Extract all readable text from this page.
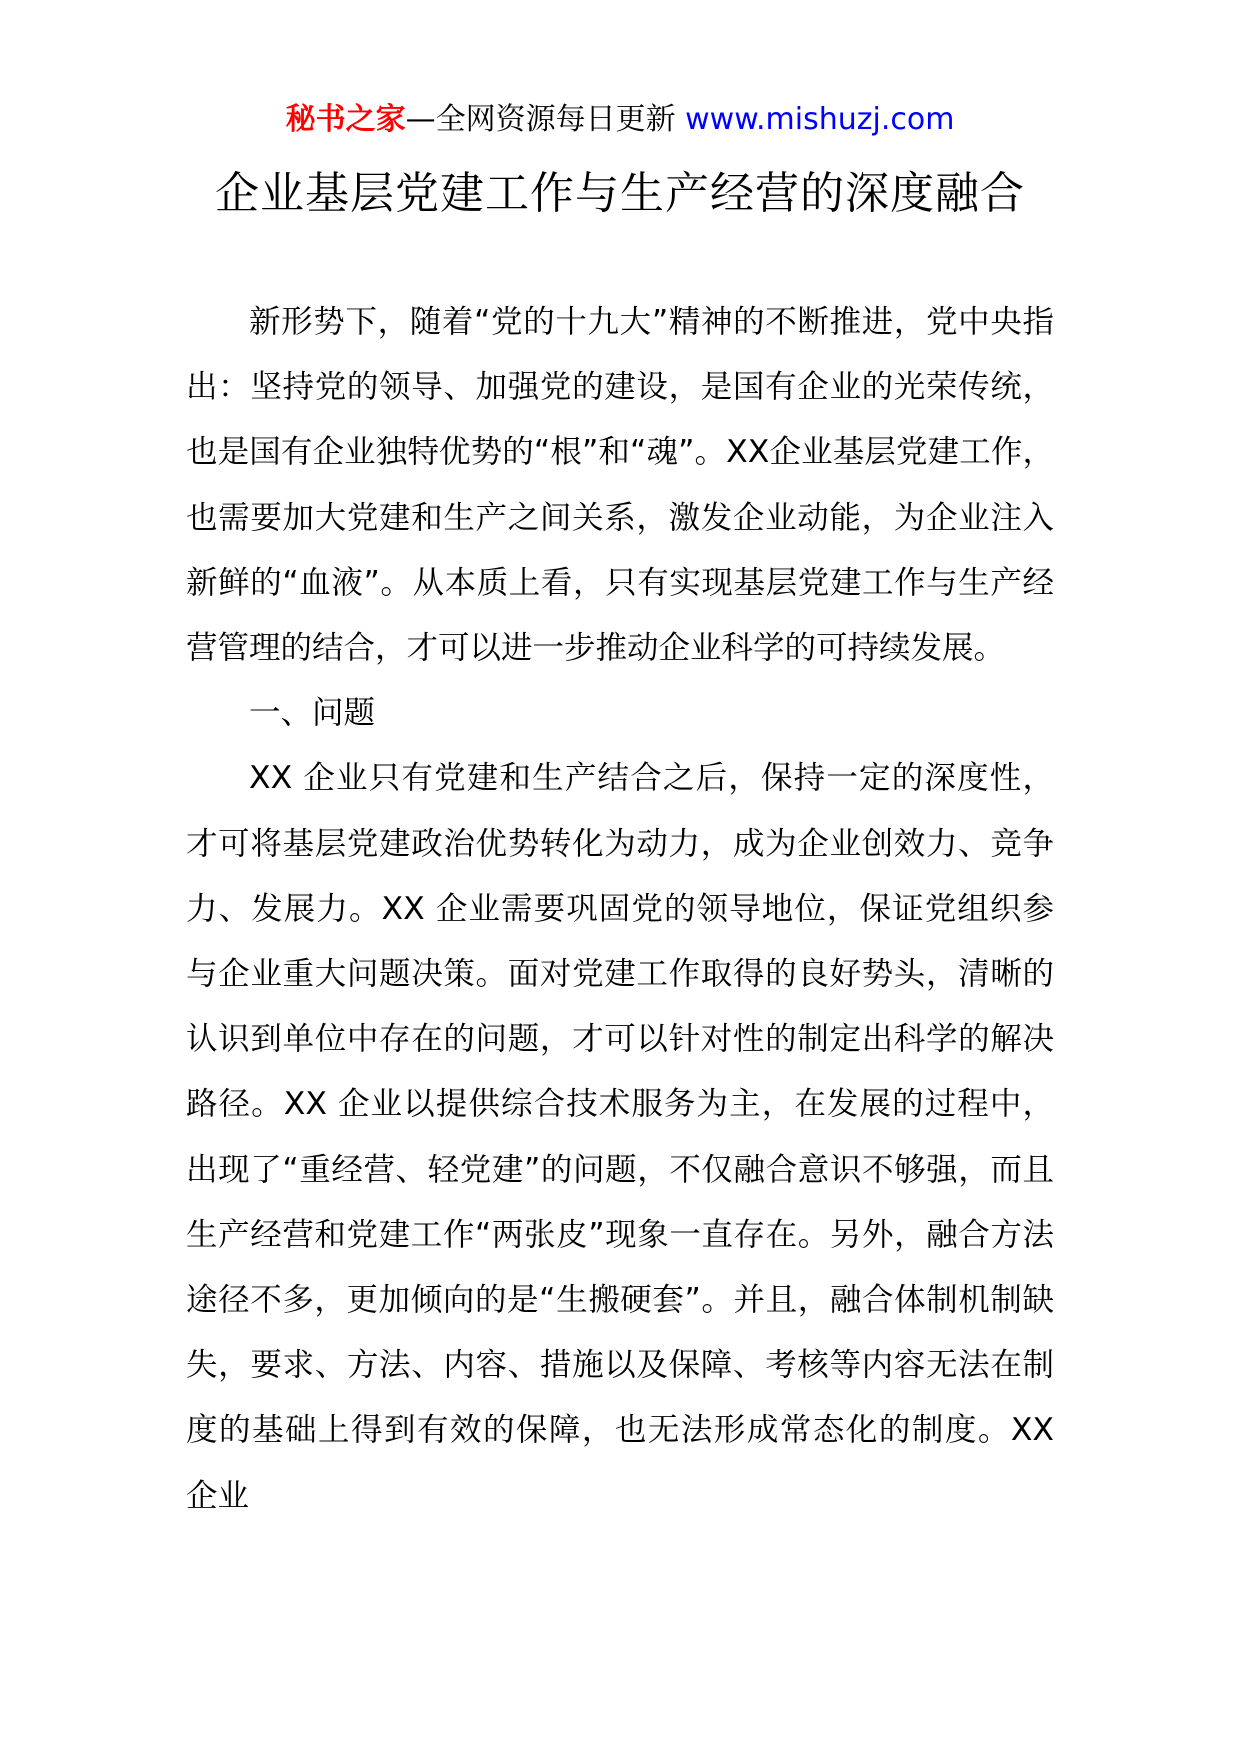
秘书之家—全网资源每日更新 www.mishuzj.com
企业基层党建工作与生产经营的深度融合

新形势下，随着“党的十九大”精神的不断推进，党中央指出：坚持党的领导、加强党的建设，是国有企业的光荣传统，也是国有企业独特优势的“根”和“魂”。XX企业基层党建工作，也需要加大党建和生产之间关系，激发企业动能，为企业注入新鲜的“血液”。从本质上看，只有实现基层党建工作与生产经营管理的结合，才可以进一步推动企业科学的可持续发展。

一、问题

XX 企业只有党建和生产结合之后，保持一定的深度性，才可将基层党建政治优势转化为动力，成为企业创效力、竞争力、发展力。XX 企业需要巩固党的领导地位，保证党组织参与企业重大问题决策。面对党建工作取得的良好势头，清晰的认识到单位中存在的问题，才可以针对性的制定出科学的解决路径。XX 企业以提供综合技术服务为主，在发展的过程中，出现了“重经营、轻党建”的问题，不仅融合意识不够强，而且生产经营和党建工作“两张皮”现象一直存在。另外，融合方法途径不多，更加倾向的是“生搬硬套”。并且，融合体制机制缺失，要求、方法、内容、措施以及保障、考核等内容无法在制度的基础上得到有效的保障，也无法形成常态化的制度。XX 企业
